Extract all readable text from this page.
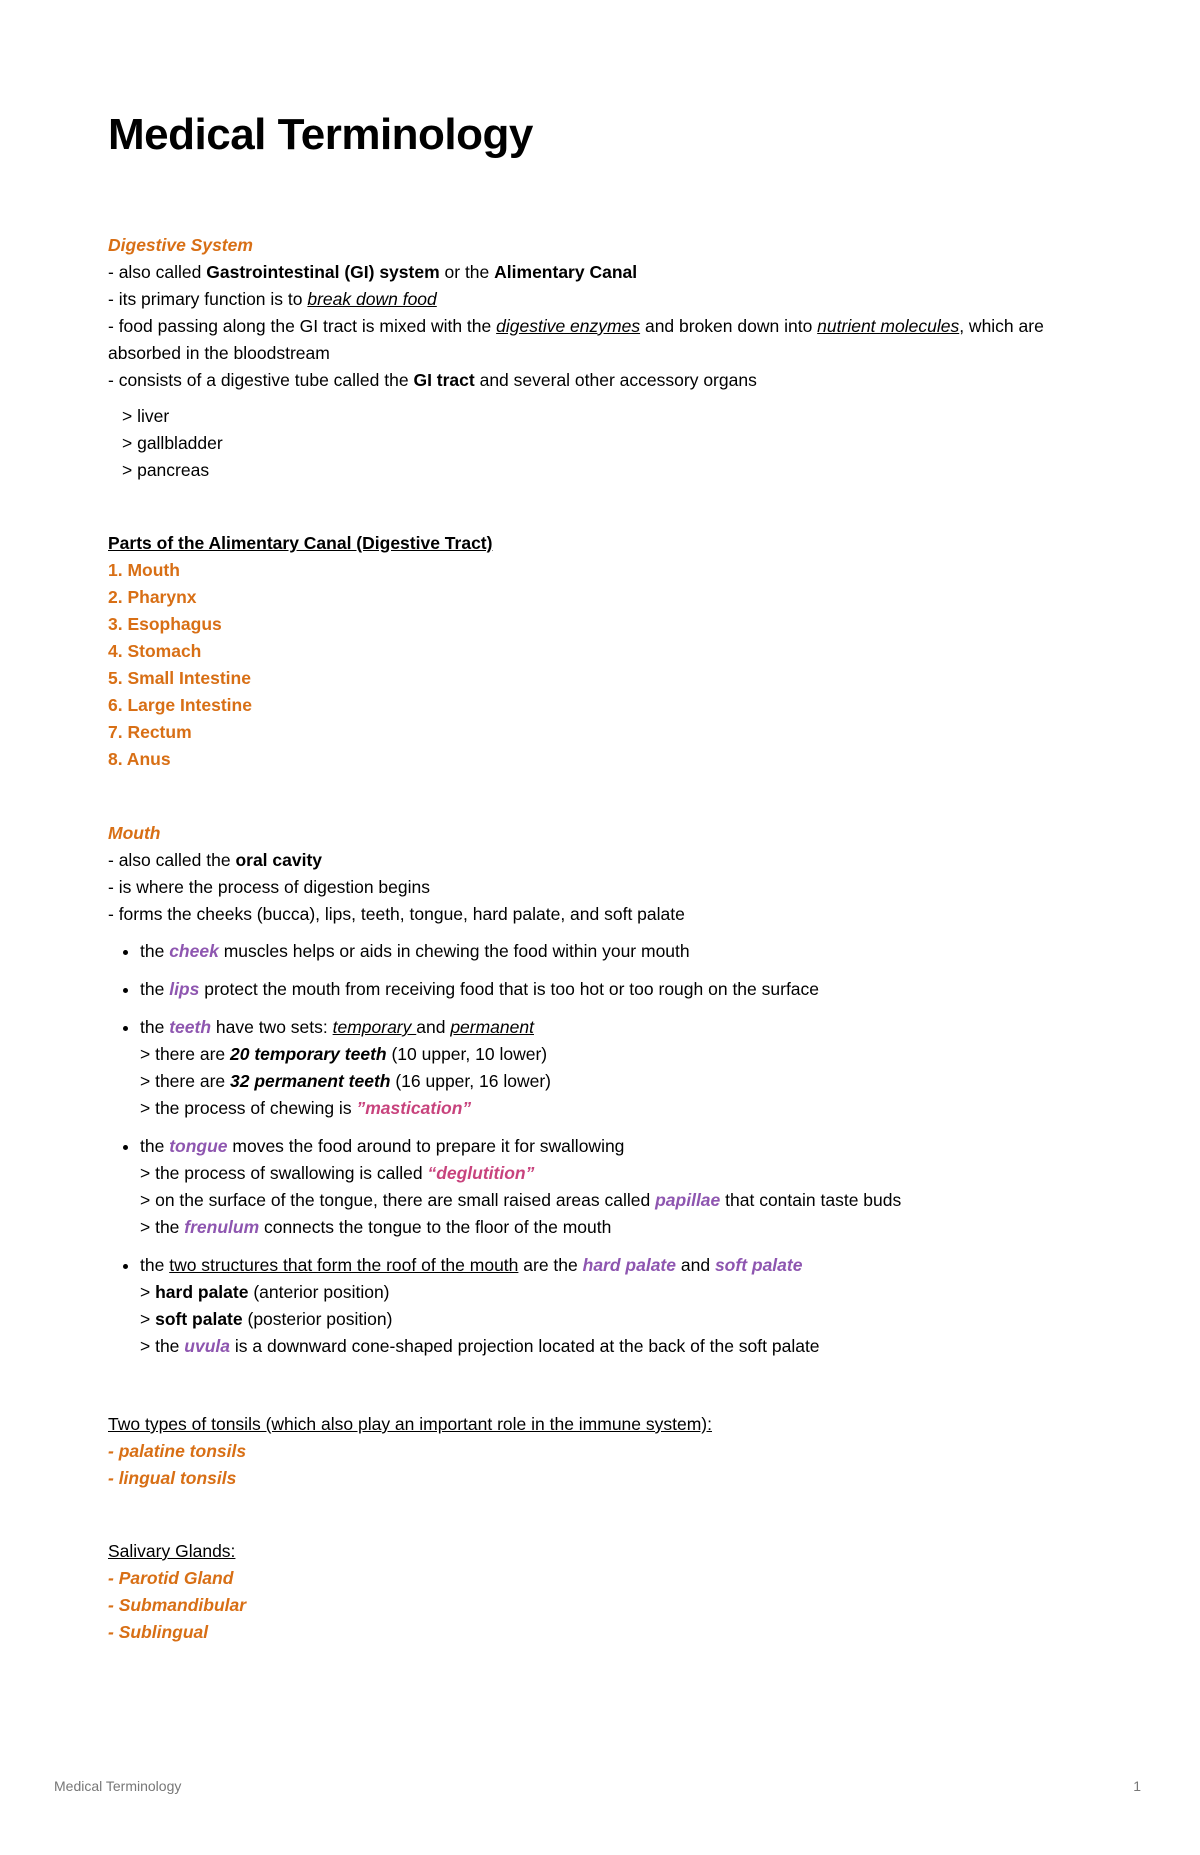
Medical Terminology
Digestive System
- also called Gastrointestinal (GI) system or the Alimentary Canal
- its primary function is to break down food
- food passing along the GI tract is mixed with the digestive enzymes and broken down into nutrient molecules, which are absorbed in the bloodstream
- consists of a digestive tube called the GI tract and several other accessory organs
> liver
> gallbladder
> pancreas
Parts of the Alimentary Canal (Digestive Tract)
1. Mouth
2. Pharynx
3. Esophagus
4. Stomach
5. Small Intestine
6. Large Intestine
7. Rectum
8. Anus
Mouth
- also called the oral cavity
- is where the process of digestion begins
- forms the cheeks (bucca), lips, teeth, tongue, hard palate, and soft palate
• the cheek muscles helps or aids in chewing the food within your mouth
• the lips protect the mouth from receiving food that is too hot or too rough on the surface
• the teeth have two sets: temporary and permanent
> there are 20 temporary teeth (10 upper, 10 lower)
> there are 32 permanent teeth (16 upper, 16 lower)
> the process of chewing is ”mastication”
• the tongue moves the food around to prepare it for swallowing
> the process of swallowing is called “deglutition”
> on the surface of the tongue, there are small raised areas called papillae that contain taste buds
> the frenulum connects the tongue to the floor of the mouth
• the two structures that form the roof of the mouth are the hard palate and soft palate
> hard palate (anterior position)
> soft palate (posterior position)
> the uvula is a downward cone-shaped projection located at the back of the soft palate
Two types of tonsils (which also play an important role in the immune system):
- palatine tonsils
- lingual tonsils
Salivary Glands:
- Parotid Gland
- Submandibular
- Sublingual
Medical Terminology	1
